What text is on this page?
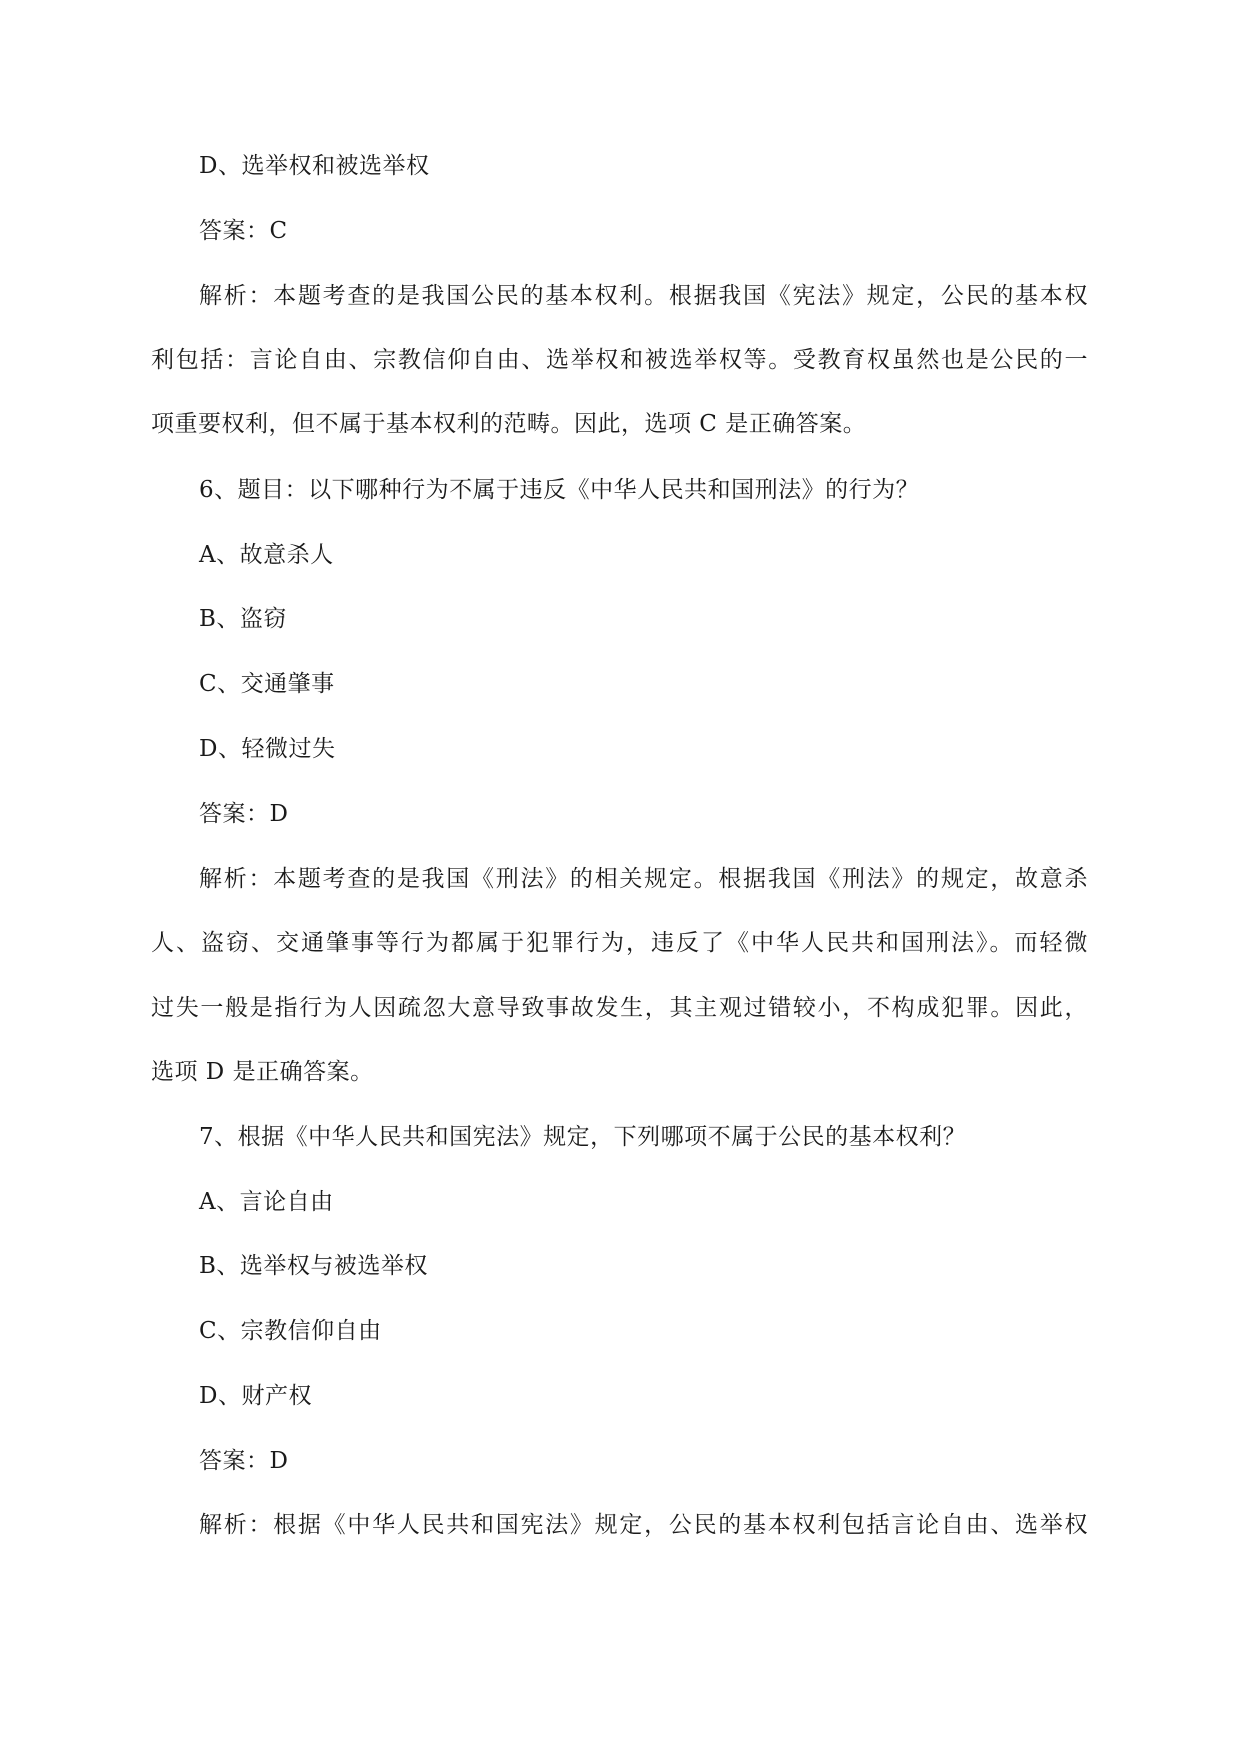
D、选举权和被选举权
答案：C
解析：本题考查的是我国公民的基本权利。根据我国《宪法》规定，公民的基本权
利包括：言论自由、宗教信仰自由、选举权和被选举权等。受教育权虽然也是公民的一
项重要权利，但不属于基本权利的范畴。因此，选项 C 是正确答案。
6、题目：以下哪种行为不属于违反《中华人民共和国刑法》的行为？
A、故意杀人
B、盗窃
C、交通肇事
D、轻微过失
答案：D
解析：本题考查的是我国《刑法》的相关规定。根据我国《刑法》的规定，故意杀
人、盗窃、交通肇事等行为都属于犯罪行为，违反了《中华人民共和国刑法》。而轻微
过失一般是指行为人因疏忽大意导致事故发生，其主观过错较小，不构成犯罪。因此，
选项 D 是正确答案。
7、根据《中华人民共和国宪法》规定，下列哪项不属于公民的基本权利？
A、言论自由
B、选举权与被选举权
C、宗教信仰自由
D、财产权
答案：D
解析：根据《中华人民共和国宪法》规定，公民的基本权利包括言论自由、选举权
